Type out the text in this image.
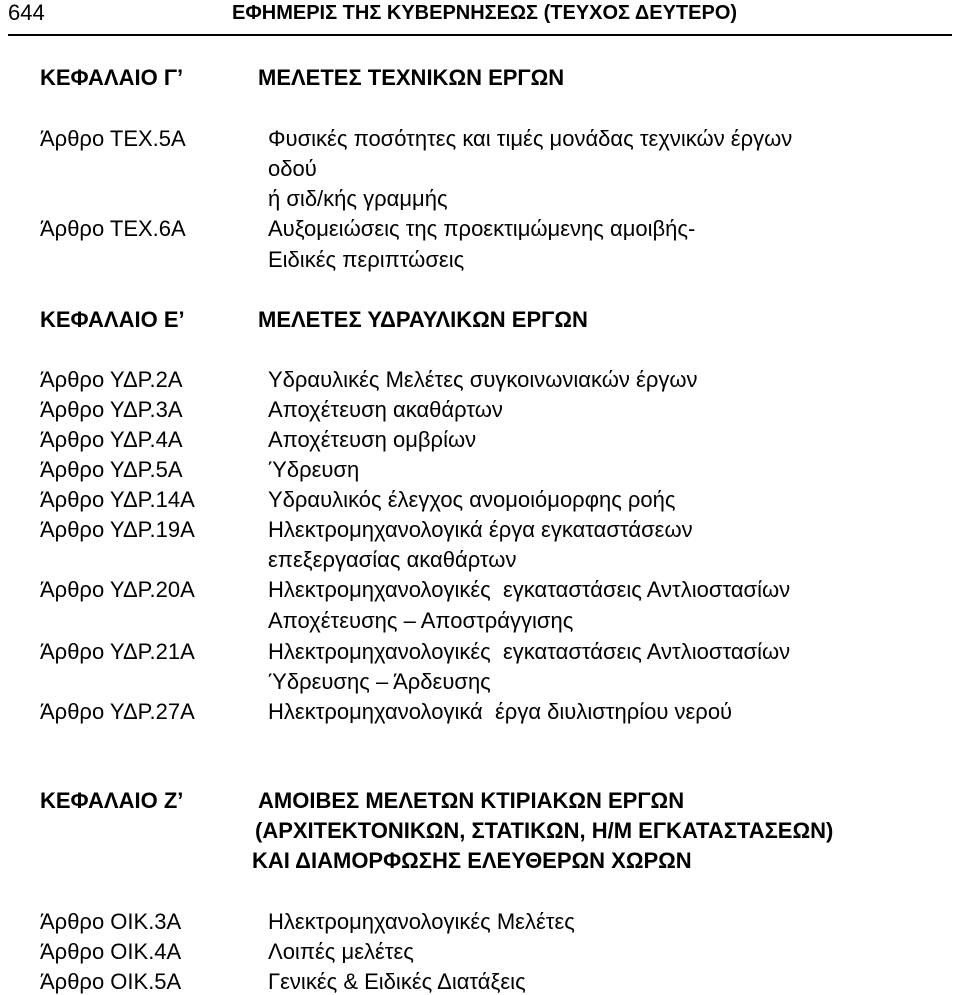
644	ΕΦΗΜΕΡΙΣ ΤΗΣ ΚΥΒΕΡΝΗΣΕΩΣ (ΤΕΥΧΟΣ ΔΕΥΤΕΡΟ)
ΚΕΦΑΛΑΙΟ Γ’	ΜΕΛΕΤΕΣ ΤΕΧΝΙΚΩΝ ΕΡΓΩΝ
Άρθρο ΤΕΧ.5Α	Φυσικές ποσότητες και τιμές μονάδας τεχνικών έργων
οδού
ή σιδ/κής γραμμής
Άρθρο ΤΕΧ.6Α	Αυξομειώσεις της προεκτιμώμενης αμοιβής-
Ειδικές περιπτώσεις
ΚΕΦΑΛΑΙΟ Ε’	ΜΕΛΕΤΕΣ ΥΔΡΑΥΛΙΚΩΝ ΕΡΓΩΝ
Άρθρο ΥΔΡ.2Α	Υδραυλικές Μελέτες συγκοινωνιακών έργων
Άρθρο ΥΔΡ.3Α	Αποχέτευση ακαθάρτων
Άρθρο ΥΔΡ.4Α	Αποχέτευση ομβρίων
Άρθρο ΥΔΡ.5Α	Ύδρευση
Άρθρο ΥΔΡ.14Α	Υδραυλικός έλεγχος ανομοιόμορφης ροής
Άρθρο ΥΔΡ.19Α	Ηλεκτρομηχανολογικά έργα εγκαταστάσεων
επεξεργασίας ακαθάρτων
Άρθρο ΥΔΡ.20Α	Ηλεκτρομηχανολογικές  εγκαταστάσεις Αντλιοστασίων
Αποχέτευσης – Αποστράγγισης
Άρθρο ΥΔΡ.21Α	Ηλεκτρομηχανολογικές  εγκαταστάσεις Αντλιοστασίων
Ύδρευσης – Άρδευσης
Άρθρο ΥΔΡ.27Α	Ηλεκτρομηχανολογικά  έργα διυλιστηρίου νερού
ΚΕΦΑΛΑΙΟ Ζ’	ΑΜΟΙΒΕΣ ΜΕΛΕΤΩΝ ΚΤΙΡΙΑΚΩΝ ΕΡΓΩΝ
(ΑΡΧΙΤΕΚΤΟΝΙΚΩΝ, ΣΤΑΤΙΚΩΝ, Η/Μ ΕΓΚΑΤΑΣΤΑΣΕΩΝ)
ΚΑΙ ΔΙΑΜΟΡΦΩΣΗΣ ΕΛΕΥΘΕΡΩΝ ΧΩΡΩΝ
Άρθρο ΟΙΚ.3Α	Ηλεκτρομηχανολογικές Μελέτες
Άρθρο ΟΙΚ.4Α	Λοιπές μελέτες
Άρθρο ΟΙΚ.5Α	Γενικές & Ειδικές Διατάξεις
